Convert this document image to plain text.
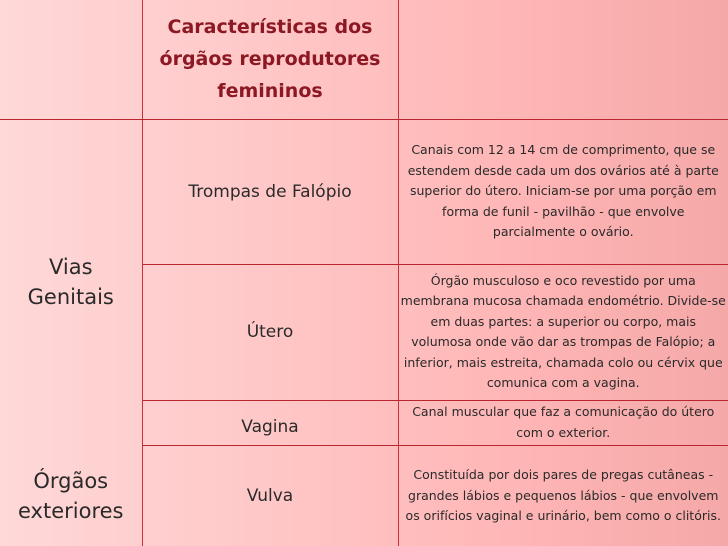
	Características dos órgãos reprodutores femininos	

Vias Genitais	Trompas de Falópio	Canais com 12 a 14 cm de comprimento, que se estendem desde cada um dos ovários até à parte superior do útero. Iniciam-se por uma porção em forma de funil - pavilhão - que envolve parcialmente o ovário.

	Útero	Órgão musculoso e oco revestido por uma membrana mucosa chamada endométrio. Divide-se em duas partes: a superior ou corpo, mais volumosa onde vão dar as trompas de Falópio; a inferior, mais estreita, chamada colo ou cérvix que comunica com a vagina.

	Vagina	Canal muscular que faz a comunicação do útero com o exterior.

Órgãos exteriores	Vulva	Constituída por dois pares de pregas cutâneas - grandes lábios e pequenos lábios - que envolvem os orifícios vaginal e urinário, bem como o clitóris.
